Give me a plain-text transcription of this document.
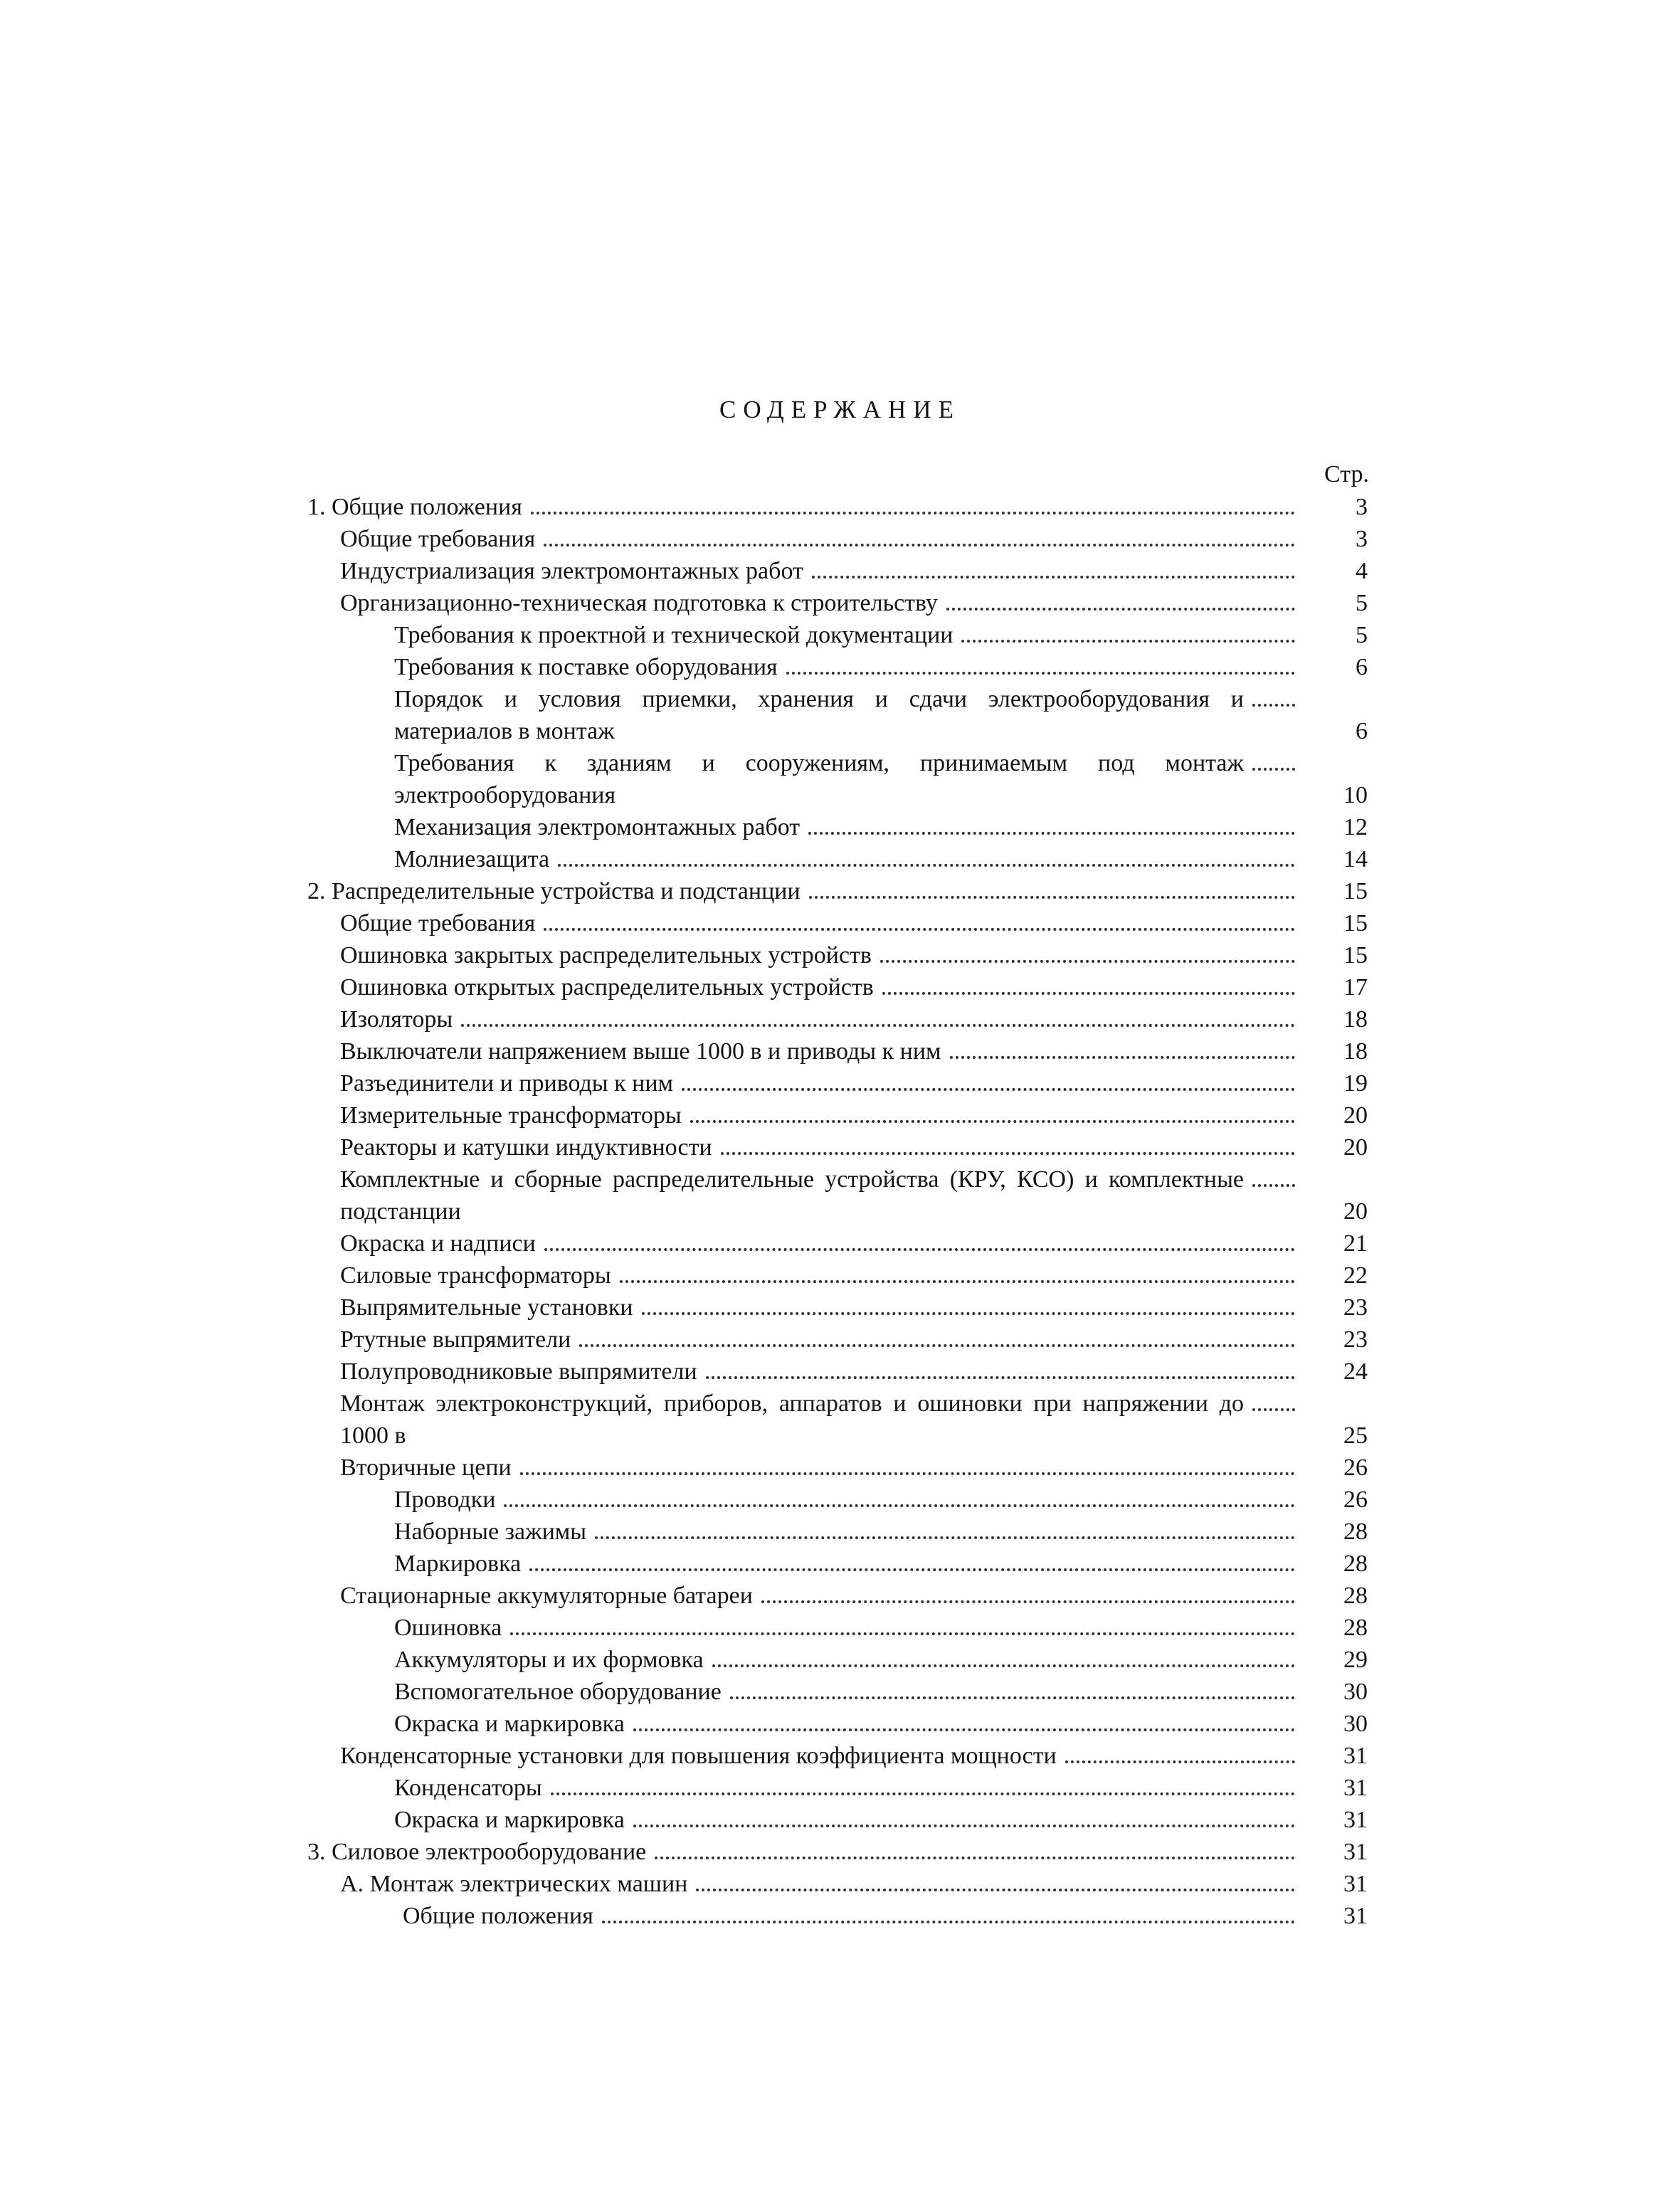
СОДЕРЖАНИЕ
Стр.
1. Общие положения	3
Общие требования	3
Индустриализация электромонтажных работ	4
Организационно-техническая подготовка к строительству	5
Требования к проектной и технической документации	5
Требования к поставке оборудования	6
Порядок и условия приемки, хранения и сдачи электрооборудования и материалов в монтаж	6
Требования к зданиям и сооружениям, принимаемым под монтаж электрооборудования	10
Механизация электромонтажных работ	12
Молниезащита	14
2. Распределительные устройства и подстанции	15
Общие требования	15
Ошиновка закрытых распределительных устройств	15
Ошиновка открытых распределительных устройств	17
Изоляторы	18
Выключатели напряжением выше 1000 в и приводы к ним	18
Разъединители и приводы к ним	19
Измерительные трансформаторы	20
Реакторы и катушки индуктивности	20
Комплектные и сборные распределительные устройства (КРУ, КСО) и комплектные подстанции	20
Окраска и надписи	21
Силовые трансформаторы	22
Выпрямительные установки	23
Ртутные выпрямители	23
Полупроводниковые выпрямители	24
Монтаж электроконструкций, приборов, аппаратов и ошиновки при напряжении до 1000 в	25
Вторичные цепи	26
Проводки	26
Наборные зажимы	28
Маркировка	28
Стационарные аккумуляторные батареи	28
Ошиновка	28
Аккумуляторы и их формовка	29
Вспомогательное оборудование	30
Окраска и маркировка	30
Конденсаторные установки для повышения коэффициента мощности	31
Конденсаторы	31
Окраска и маркировка	31
3. Силовое электрооборудование	31
А. Монтаж электрических машин	31
Общие положения	31
